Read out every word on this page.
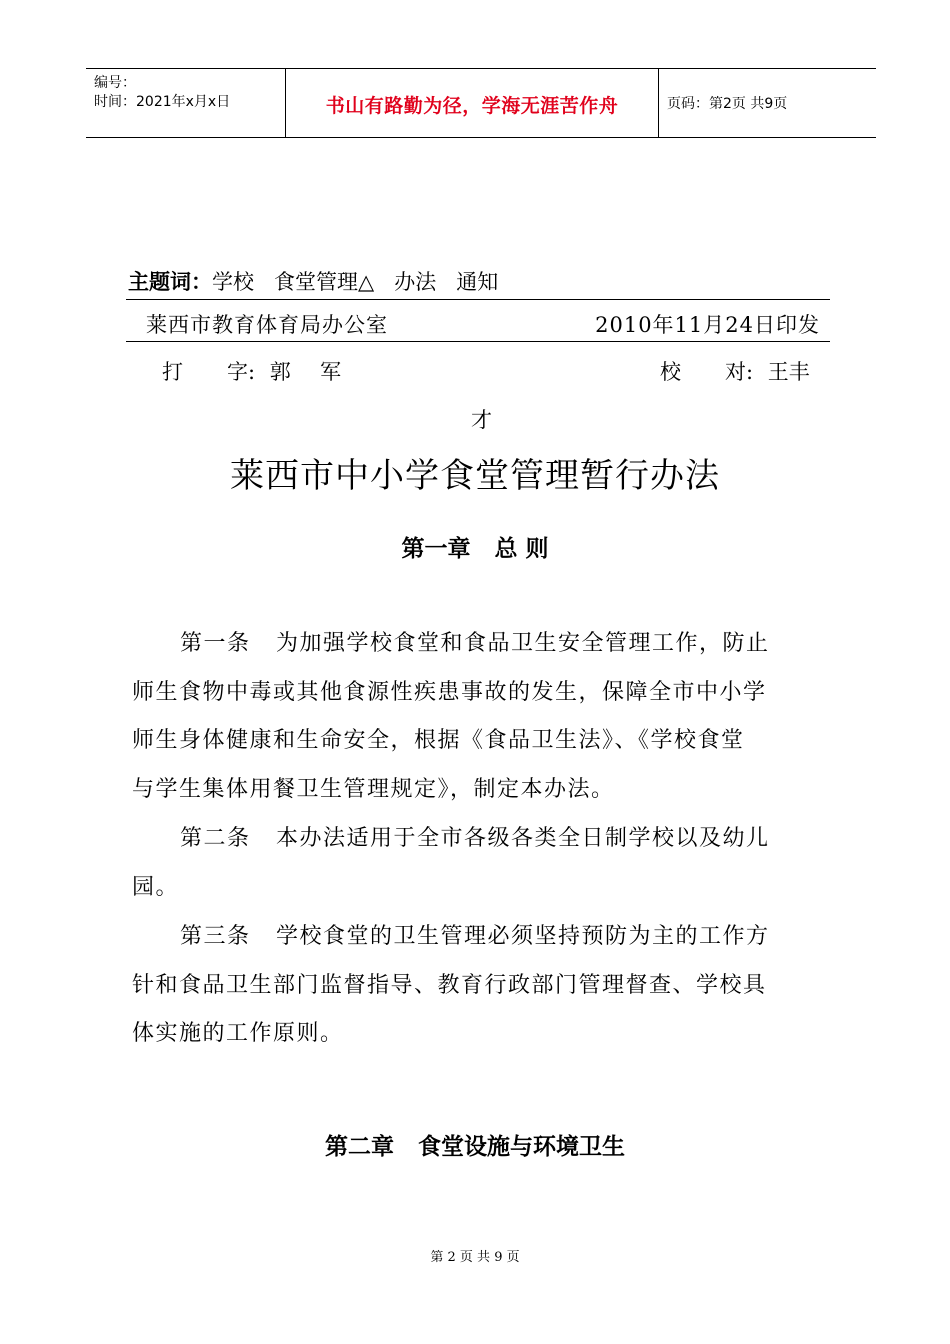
编号：
时间：2021年x月x日	书山有路勤为径，学海无涯苦作舟	页码：第2页 共9页
主题词：学校   食堂管理△   办法   通知
莱西市教育体育局办公室	2010年11月24日印发
打   字: 郭  军	校   对: 王丰
才
莱西市中小学食堂管理暂行办法
第一章   总 则
第一条   为加强学校食堂和食品卫生安全管理工作，防止
师生食物中毒或其他食源性疾患事故的发生，保障全市中小学
师生身体健康和生命安全，根据《食品卫生法》、《学校食堂
与学生集体用餐卫生管理规定》，制定本办法。
第二条   本办法适用于全市各级各类全日制学校以及幼儿
园。
第三条   学校食堂的卫生管理必须坚持预防为主的工作方
针和食品卫生部门监督指导、教育行政部门管理督查、学校具
体实施的工作原则。
第二章   食堂设施与环境卫生
第 2 页 共 9 页
